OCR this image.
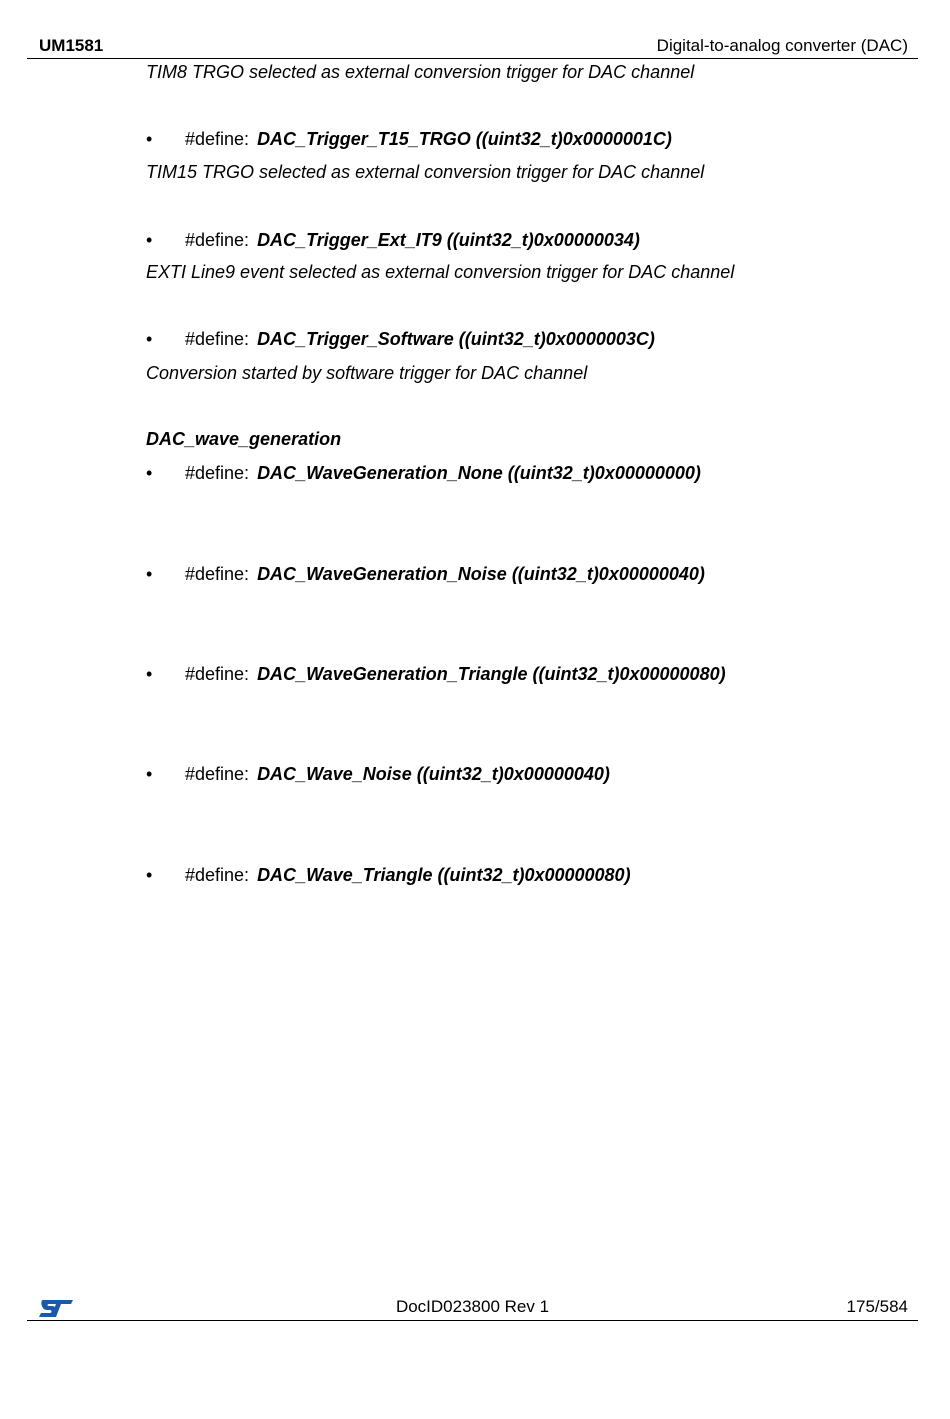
UM1581	Digital-to-analog converter (DAC)
TIM8 TRGO selected as external conversion trigger for DAC channel
• #define: DAC_Trigger_T15_TRGO ((uint32_t)0x0000001C)
TIM15 TRGO selected as external conversion trigger for DAC channel
• #define: DAC_Trigger_Ext_IT9 ((uint32_t)0x00000034)
EXTI Line9 event selected as external conversion trigger for DAC channel
• #define: DAC_Trigger_Software ((uint32_t)0x0000003C)
Conversion started by software trigger for DAC channel
DAC_wave_generation
• #define: DAC_WaveGeneration_None ((uint32_t)0x00000000)
• #define: DAC_WaveGeneration_Noise ((uint32_t)0x00000040)
• #define: DAC_WaveGeneration_Triangle ((uint32_t)0x00000080)
• #define: DAC_Wave_Noise ((uint32_t)0x00000040)
• #define: DAC_Wave_Triangle ((uint32_t)0x00000080)
DocID023800 Rev 1	175/584
